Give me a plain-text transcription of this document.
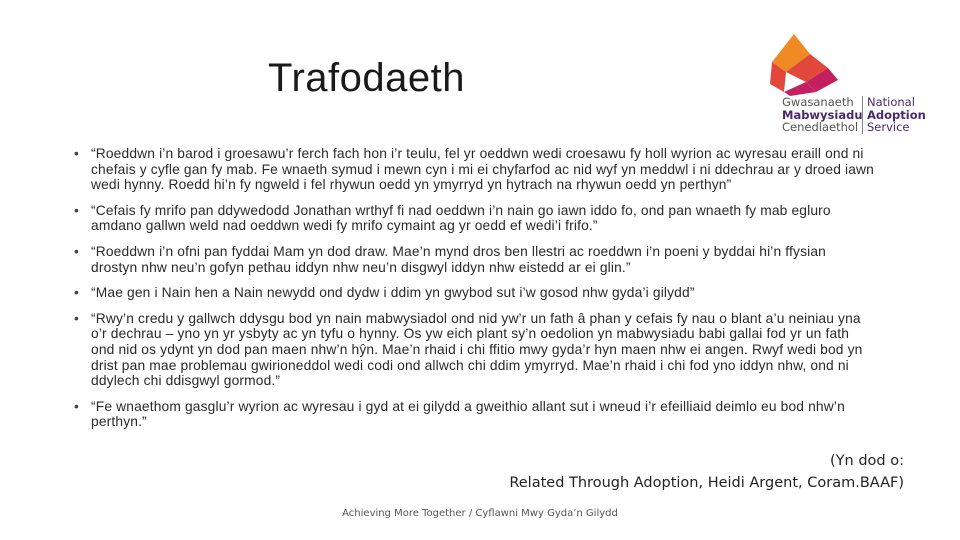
Trafodaeth
Gwasanaeth
Mabwysiadu
Cenedlaethol
National
Adoption
Service
• “Roeddwn i’n barod i groesawu’r ferch fach hon i’r teulu, fel yr oeddwn wedi croesawu fy holl wyrion ac wyresau eraill ond ni chefais y cyfle gan fy mab. Fe wnaeth symud i mewn cyn i mi ei chyfarfod ac nid wyf yn meddwl i ni ddechrau ar y droed iawn wedi hynny. Roedd hi’n fy ngweld i fel rhywun oedd yn ymyrryd yn hytrach na rhywun oedd yn perthyn”
• “Cefais fy mrifo pan ddywedodd Jonathan wrthyf fi nad oeddwn i’n nain go iawn iddo fo, ond pan wnaeth fy mab egluro amdano gallwn weld nad oeddwn wedi fy mrifo cymaint ag yr oedd ef wedi’i frifo.”
• “Roeddwn i’n ofni pan fyddai Mam yn dod draw. Mae’n mynd dros ben llestri ac roeddwn i’n poeni y byddai hi’n ffysian drostyn nhw neu’n gofyn pethau iddyn nhw neu’n disgwyl iddyn nhw eistedd ar ei glin.”
• “Mae gen i Nain hen a Nain newydd ond dydw i ddim yn gwybod sut i’w gosod nhw gyda’i gilydd”
• “Rwy’n credu y gallwch ddysgu bod yn nain mabwysiadol ond nid yw’r un fath â phan y cefais fy nau o blant a’u neiniau yna o’r dechrau – yno yn yr ysbyty ac yn tyfu o hynny. Os yw eich plant sy’n oedolion yn mabwysiadu babi gallai fod yr un fath ond nid os ydynt yn dod pan maen nhw’n hŷn. Mae’n rhaid i chi ffitio mwy gyda’r hyn maen nhw ei angen. Rwyf wedi bod yn drist pan mae problemau gwirioneddol wedi codi ond allwch chi ddim ymyrryd. Mae’n rhaid i chi fod yno iddyn nhw, ond ni ddylech chi ddisgwyl gormod.”
• “Fe wnaethom gasglu’r wyrion ac wyresau i gyd at ei gilydd a gweithio allant sut i wneud i’r efeilliaid deimlo eu bod nhw’n perthyn.”
(Yn dod o:
Related Through Adoption, Heidi Argent, Coram.BAAF)
Achieving More Together / Cyflawni Mwy Gyda’n Gilydd
